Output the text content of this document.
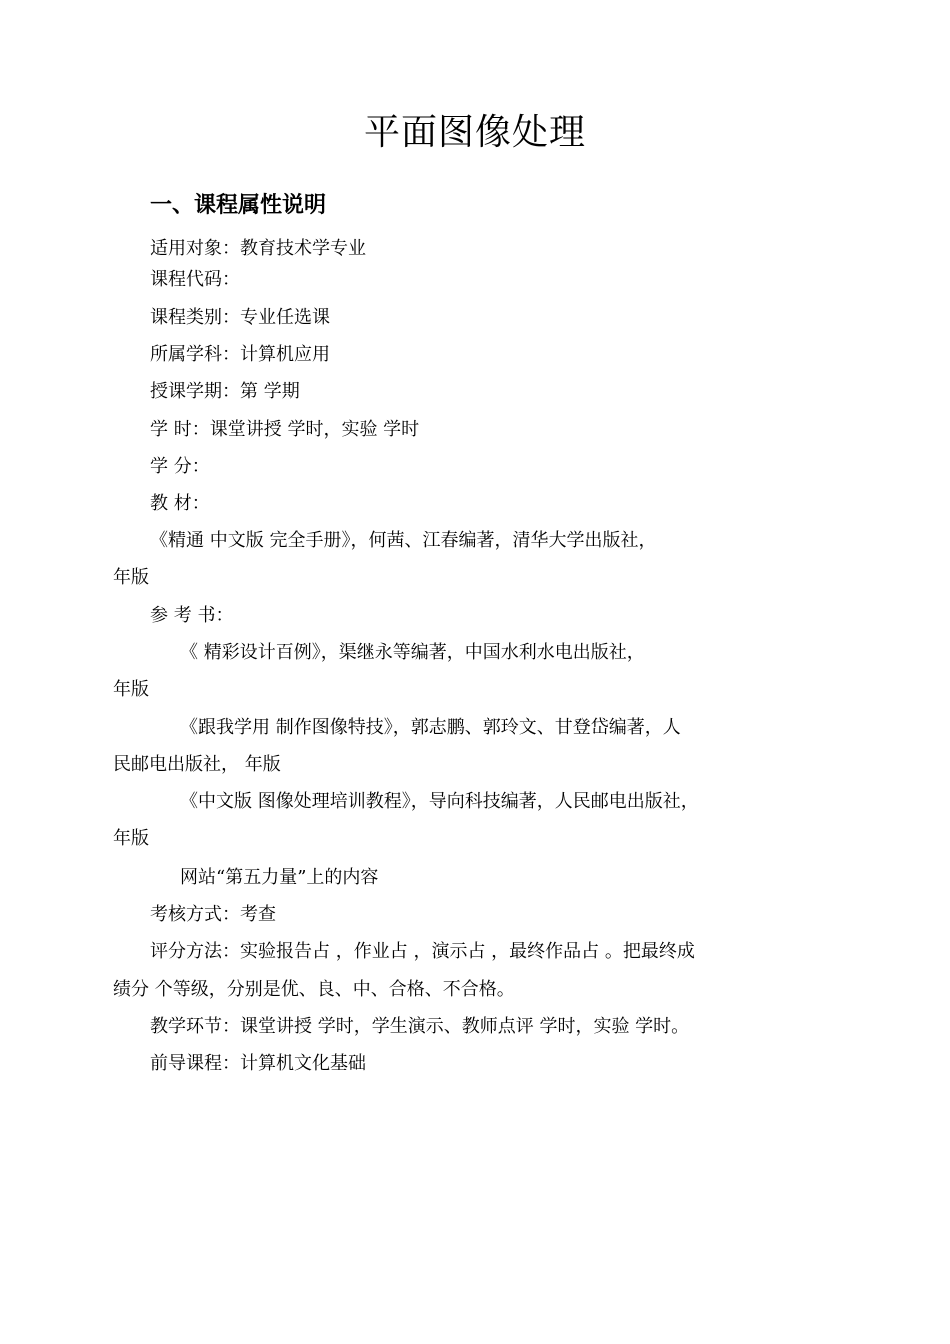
平面图像处理
一、课程属性说明

适用对象：教育技术学专业

课程代码：

课程类别：专业任选课

所属学科：计算机应用

授课学期：第 学期

学 时：课堂讲授 学时，实验 学时

学 分：

教 材：

《精通 中文版 完全手册》，何茜、江春编著，清华大学出版社，

年版

参 考 书：

《 精彩设计百例》，渠继永等编著，中国水利水电出版社，

年版

《跟我学用 制作图像特技》，郭志鹏、郭玲文、甘登岱编著，人

民邮电出版社， 年版

《中文版 图像处理培训教程》，导向科技编著，人民邮电出版社，

年版

网站“第五力量”上的内容

考核方式：考查

评分方法：实验报告占 ，作业占 ，演示占 ，最终作品占 。把最终成

绩分 个等级，分别是优、良、中、合格、不合格。

教学环节：课堂讲授 学时，学生演示、教师点评 学时，实验 学时。

前导课程：计算机文化基础
